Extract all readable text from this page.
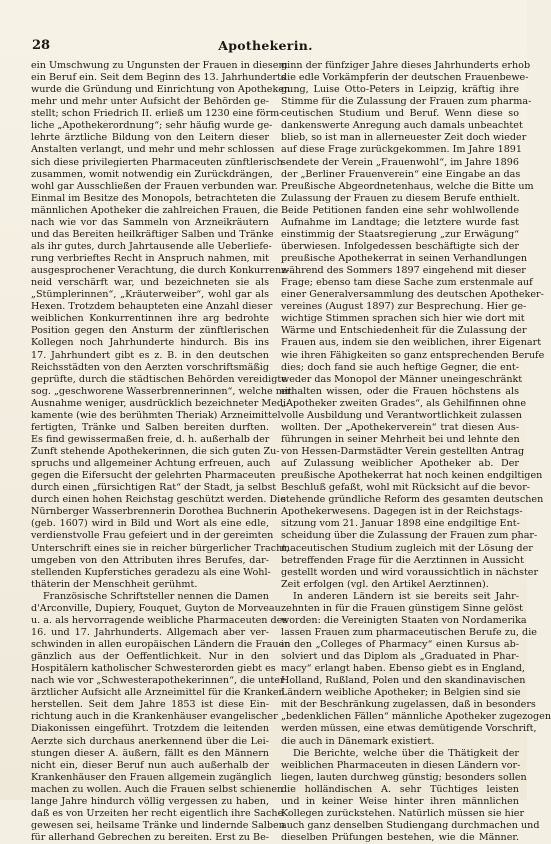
28	Apothekerin.
ein Umschwung zu Ungunsten der Frauen in diesem
ein Beruf ein. Seit dem Beginn des 13. Jahrhunderts
wurde die Gründung und Einrichtung von Apotheken
mehr und mehr unter Aufsicht der Behörden ge-
stellt; schon Friedrich II. erließ um 1230 eine förm-
liche „Apothekerordnung“; sehr häufig wurde ge-
lehrte ärztliche Bildung von den Leitern dieser
Anstalten verlangt, und mehr und mehr schlossen
sich diese privilegierten Pharmaceuten zünftlerisch
zusammen, womit notwendig ein Zurückdrängen,
wohl gar Ausschließen der Frauen verbunden war.
Einmal im Besitze des Monopols, betrachteten die
männlichen Apotheker die zahlreichen Frauen, die
nach wie vor das Sammeln von Arzneikräutern
und das Bereiten heilkräftiger Salben und Tränke
als ihr gutes, durch Jahrtausende alle Ueberliefe-
rung verbrieftes Recht in Anspruch nahmen, mit
ausgesprochener Verachtung, die durch Konkurrenz-
neid verschärft war, und bezeichneten sie als
„Stümplerinnen“, „Kräuterweiber“, wohl gar als
Hexen. Trotzdem behaupteten eine Anzahl dieser
weiblichen Konkurrentinnen ihre arg bedrohte
Position gegen den Ansturm der zünftlerischen
Kollegen noch Jahrhunderte hindurch. Bis ins
17. Jahrhundert gibt es z. B. in den deutschen
Reichsstädten von den Aerzten vorschriftsmäßig
geprüfte, durch die städtischen Behörden vereidigte
sog. „geschworene Wasserbrennerinnen“, welche mit
Ausnahme weniger, ausdrücklich bezeichneter Medi-
kamente (wie des berühmten Theriak) Arzneimittel
fertigten, Tränke und Salben bereiten durften.
Es find gewissermaßen freie, d. h. außerhalb der
Zunft stehende Apothekerinnen, die sich guten Zu-
spruchs und allgemeiner Achtung erfreuen, auch
gegen die Eifersucht der gelehrten Pharmaceuten
durch einen „fürsichtigen Rat“ der Stadt, ja selbst
durch einen hohen Reichstag geschützt werden. Die
Nürnberger Wasserbrennerin Dorothea Buchnerin
(geb. 1607) wird in Bild und Wort als eine edle,
verdienstvolle Frau gefeiert und in der gereimten
Unterschrift eines sie in reicher bürgerlicher Tracht,
umgeben von den Attributen ihres Berufes, dar-
stellenden Kupferstiches geradezu als eine Wohl-
thäterin der Menschheit gerühmt.
Französische Schriftsteller nennen die Damen
d'Arconville, Dupiery, Fouquet, Guyton de Morveau
u. a. als hervorragende weibliche Pharmaceuten des
16. und 17. Jahrhunderts. Allgemach aber ver-
schwinden in allen europäischen Ländern die Frauen
gänzlich aus der Oeffentlichkeit. Nur in den
Hospitälern katholischer Schwesterorden giebt es
nach wie vor „Schwesterapothekerinnen“, die unter
ärztlicher Aufsicht alle Arzneimittel für die Kranken
herstellen. Seit dem Jahre 1853 ist diese Ein-
richtung auch in die Krankenhäuser evangelischer
Diakonissen eingeführt. Trotzdem die leitenden
Aerzte sich durchaus anerkennend über die Lei-
stungen dieser A. äußern, fällt es den Männern
nicht ein, dieser Beruf nun auch außerhalb der
Krankenhäuser den Frauen allgemein zugänglich
machen zu wollen. Auch die Frauen selbst schienen
lange Jahre hindurch völlig vergessen zu haben,
daß es von Urzeiten her recht eigentlich ihre Sache
gewesen sei, heilsame Tränke und lindernde Salben
für allerhand Gebrechen zu bereiten. Erst zu Be-
ginn der fünfziger Jahre dieses Jahrhunderts erhob
die edle Vorkämpferin der deutschen Frauenbewe-
gung, Luise Otto-Peters in Leipzig, kräftig ihre
Stimme für die Zulassung der Frauen zum pharma-
ceutischen Studium und Beruf. Wenn diese so
dankenswerte Anregung auch damals unbeachtet
blieb, so ist man in allerneuester Zeit doch wieder
auf diese Frage zurückgekommen. Im Jahre 1891
sendete der Verein „Frauenwohl“, im Jahre 1896
der „Berliner Frauenverein“ eine Eingabe an das
Preußische Abgeordnetenhaus, welche die Bitte um
Zulassung der Frauen zu diesem Berufe enthielt.
Beide Petitionen fanden eine sehr wohlwollende
Aufnahme im Landtage; die letztere wurde fast
einstimmig der Staatsregierung „zur Erwägung“
überwiesen. Infolgedessen beschäftigte sich der
preußische Apothekerrat in seinen Verhandlungen
während des Sommers 1897 eingehend mit dieser
Frage; ebenso tam diese Sache zum erstenmale auf
einer Generalversammlung des deutschen Apotheker-
vereines (August 1897) zur Besprechung. Hier ge-
wichtige Stimmen sprachen sich hier wie dort mit
Wärme und Entschiedenheit für die Zulassung der
Frauen aus, indem sie den weiblichen, ihrer Eigenart
wie ihren Fähigkeiten so ganz entsprechenden Berufe
dies; doch fand sie auch heftige Gegner, die ent-
weder das Monopol der Männer uneingeschränkt
erhalten wissen, oder die Frauen höchstens als
„Apotheker zweiten Grades“, als Gehilfinnen ohne
volle Ausbildung und Verantwortlichkeit zulassen
wollten. Der „Apothekerverein“ trat diesen Aus-
führungen in seiner Mehrheit bei und lehnte den
von Hessen-Darmstädter Verein gestellten Antrag
auf Zulassung weiblicher Apotheker ab. Der
preußische Apothekerrat hat noch keinen endgiltigen
Beschluß gefaßt, wohl mit Rücksicht auf die bevor-
stehende gründliche Reform des gesamten deutschen
Apothekerwesens. Dagegen ist in der Reichstags-
sitzung vom 21. Januar 1898 eine endgiltige Ent-
scheidung über die Zulassung der Frauen zum phar-
maceutischen Studium zugleich mit der Lösung der
betreffenden Frage für die Aerztinnen in Aussicht
gestellt worden und wird voraussichtlich in nächster
Zeit erfolgen (vgl. den Artikel Aerztinnen).
In anderen Ländern ist sie bereits seit Jahr-
zehnten in für die Frauen günstigem Sinne gelöst
worden: die Vereinigten Staaten von Nordamerika
lassen Frauen zum pharmaceutischen Berufe zu, die
in den „Colleges of Pharmacy“ einen Kursus ab-
solviert und das Diplom als „Graduated in Phar-
macy“ erlangt haben. Ebenso giebt es in England,
Holland, Rußland, Polen und den skandinavischen
Ländern weibliche Apotheker; in Belgien sind sie
mit der Beschränkung zugelassen, daß in besonders
„bedenklichen Fällen“ männliche Apotheker zugezogen
werden müssen, eine etwas demütigende Vorschrift,
die auch in Dänemark existiert.
Die Berichte, welche über die Thätigkeit der
weiblichen Pharmaceuten in diesen Ländern vor-
liegen, lauten durchweg günstig; besonders sollen
die holländischen A. sehr Tüchtiges leisten
und in keiner Weise hinter ihren männlichen
Kollegen zurückstehen. Natürlich müssen sie hier
auch ganz denselben Studiengang durchmachen und
dieselben Prüfungen bestehen, wie die Männer.
